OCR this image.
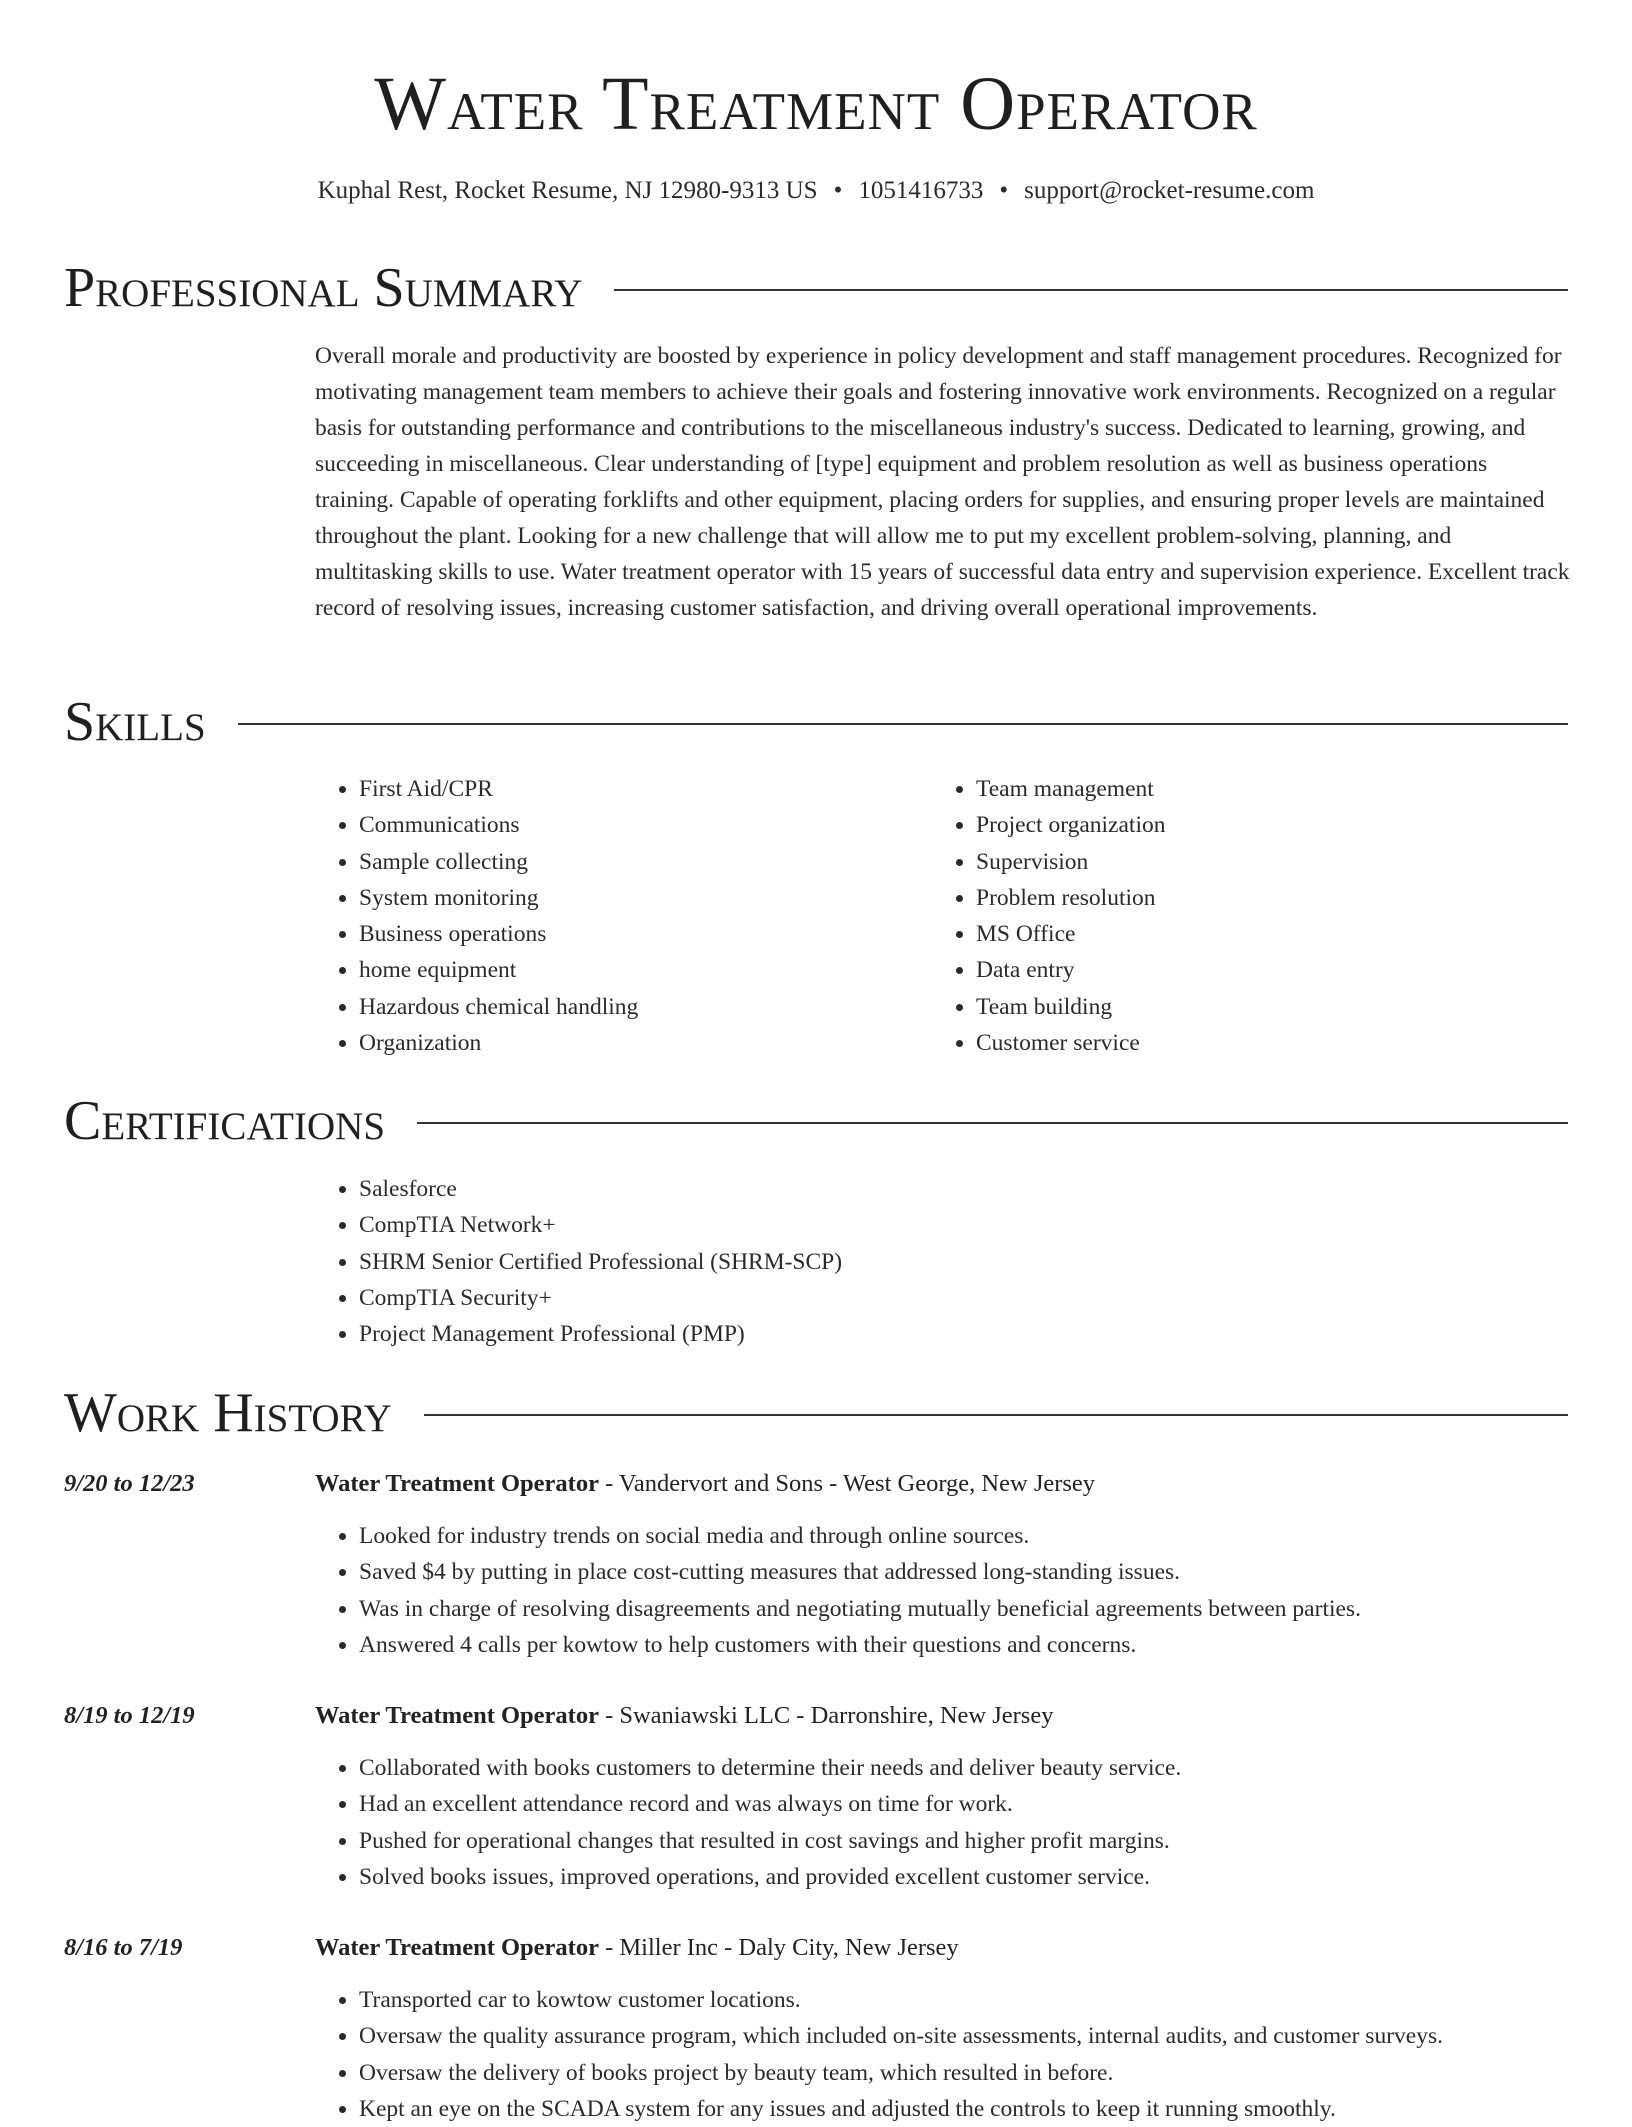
Water Treatment Operator
Kuphal Rest, Rocket Resume, NJ 12980-9313 US • 1051416733 • support@rocket-resume.com
Professional Summary

Overall morale and productivity are boosted by experience in policy development and staff management procedures. Recognized for motivating management team members to achieve their goals and fostering innovative work environments. Recognized on a regular basis for outstanding performance and contributions to the miscellaneous industry's success. Dedicated to learning, growing, and succeeding in miscellaneous. Clear understanding of [type] equipment and problem resolution as well as business operations training. Capable of operating forklifts and other equipment, placing orders for supplies, and ensuring proper levels are maintained throughout the plant. Looking for a new challenge that will allow me to put my excellent problem-solving, planning, and multitasking skills to use. Water treatment operator with 15 years of successful data entry and supervision experience. Excellent track record of resolving issues, increasing customer satisfaction, and driving overall operational improvements.

Skills
• First Aid/CPR
• Communications
• Sample collecting
• System monitoring
• Business operations
• home equipment
• Hazardous chemical handling
• Organization
• Team management
• Project organization
• Supervision
• Problem resolution
• MS Office
• Data entry
• Team building
• Customer service
Certifications
• Salesforce
• CompTIA Network+
• SHRM Senior Certified Professional (SHRM-SCP)
• CompTIA Security+
• Project Management Professional (PMP)
Work History
9/20 to 12/23	Water Treatment Operator - Vandervort and Sons - West George, New Jersey
• Looked for industry trends on social media and through online sources.
• Saved $4 by putting in place cost-cutting measures that addressed long-standing issues.
• Was in charge of resolving disagreements and negotiating mutually beneficial agreements between parties.
• Answered 4 calls per kowtow to help customers with their questions and concerns.
8/19 to 12/19	Water Treatment Operator - Swaniawski LLC - Darronshire, New Jersey
• Collaborated with books customers to determine their needs and deliver beauty service.
• Had an excellent attendance record and was always on time for work.
• Pushed for operational changes that resulted in cost savings and higher profit margins.
• Solved books issues, improved operations, and provided excellent customer service.
8/16 to 7/19	Water Treatment Operator - Miller Inc - Daly City, New Jersey
• Transported car to kowtow customer locations.
• Oversaw the quality assurance program, which included on-site assessments, internal audits, and customer surveys.
• Oversaw the delivery of books project by beauty team, which resulted in before.
• Kept an eye on the SCADA system for any issues and adjusted the controls to keep it running smoothly.
